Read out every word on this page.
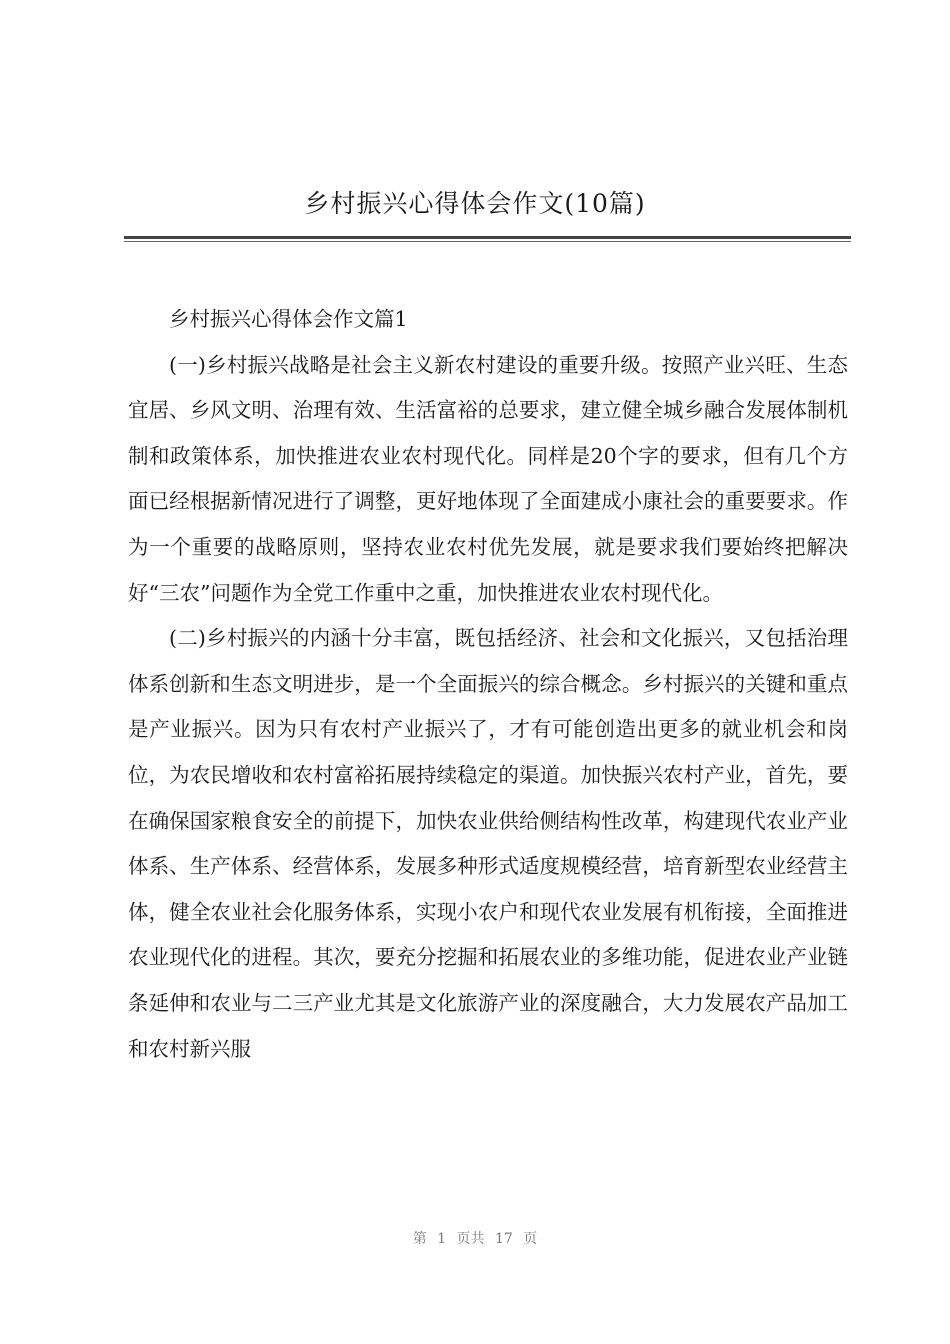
乡村振兴心得体会作文(10篇)

乡村振兴心得体会作文篇1

(一)乡村振兴战略是社会主义新农村建设的重要升级。按照产业兴旺、生态宜居、乡风文明、治理有效、生活富裕的总要求，建立健全城乡融合发展体制机制和政策体系，加快推进农业农村现代化。同样是20个字的要求，但有几个方面已经根据新情况进行了调整，更好地体现了全面建成小康社会的重要要求。作为一个重要的战略原则，坚持农业农村优先发展，就是要求我们要始终把解决好“三农”问题作为全党工作重中之重，加快推进农业农村现代化。

(二)乡村振兴的内涵十分丰富，既包括经济、社会和文化振兴，又包括治理体系创新和生态文明进步，是一个全面振兴的综合概念。乡村振兴的关键和重点是产业振兴。因为只有农村产业振兴了，才有可能创造出更多的就业机会和岗位，为农民增收和农村富裕拓展持续稳定的渠道。加快振兴农村产业，首先，要在确保国家粮食安全的前提下，加快农业供给侧结构性改革，构建现代农业产业体系、生产体系、经营体系，发展多种形式适度规模经营，培育新型农业经营主体，健全农业社会化服务体系，实现小农户和现代农业发展有机衔接，全面推进农业现代化的进程。其次，要充分挖掘和拓展农业的多维功能，促进农业产业链条延伸和农业与二三产业尤其是文化旅游产业的深度融合，大力发展农产品加工和农村新兴服

第 1 页共 17 页
